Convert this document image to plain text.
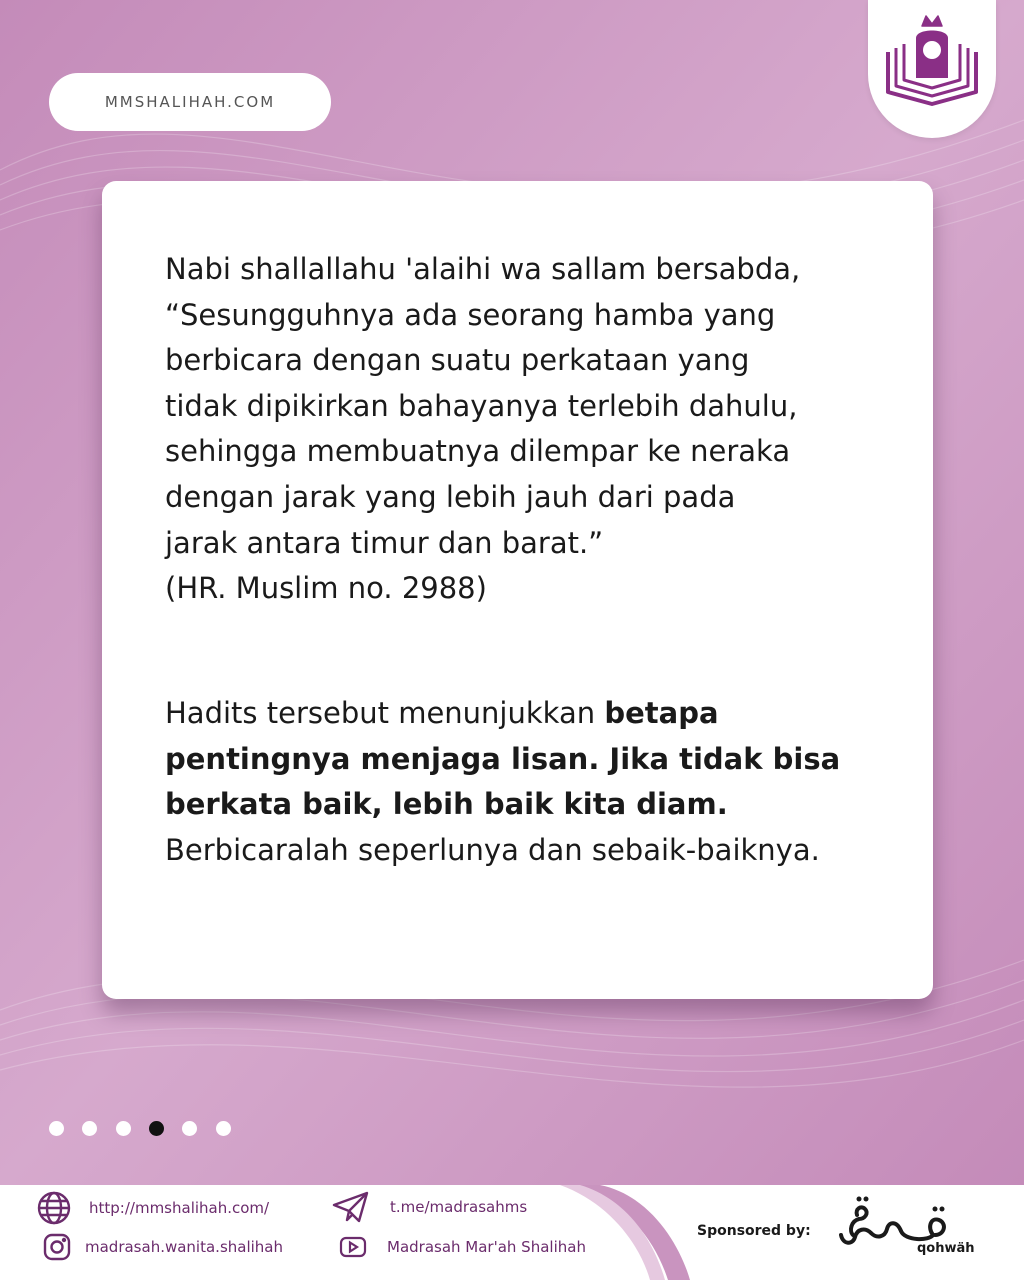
MMSHALIHAH.COM

Nabi shallallahu 'alaihi wa sallam bersabda,
“Sesungguhnya ada seorang hamba yang
berbicara dengan suatu perkataan yang
tidak dipikirkan bahayanya terlebih dahulu,
sehingga membuatnya dilempar ke neraka
dengan jarak yang lebih jauh dari pada
jarak antara timur dan barat.”
(HR. Muslim no. 2988)

Hadits tersebut menunjukkan betapa
pentingnya menjaga lisan. Jika tidak bisa
berkata baik, lebih baik kita diam.
Berbicaralah seperlunya dan sebaik-baiknya.

http://mmshalihah.com/
madrasah.wanita.shalihah
t.me/madrasahms
Madrasah Mar'ah Shalihah
Sponsored by:
qohwäh
